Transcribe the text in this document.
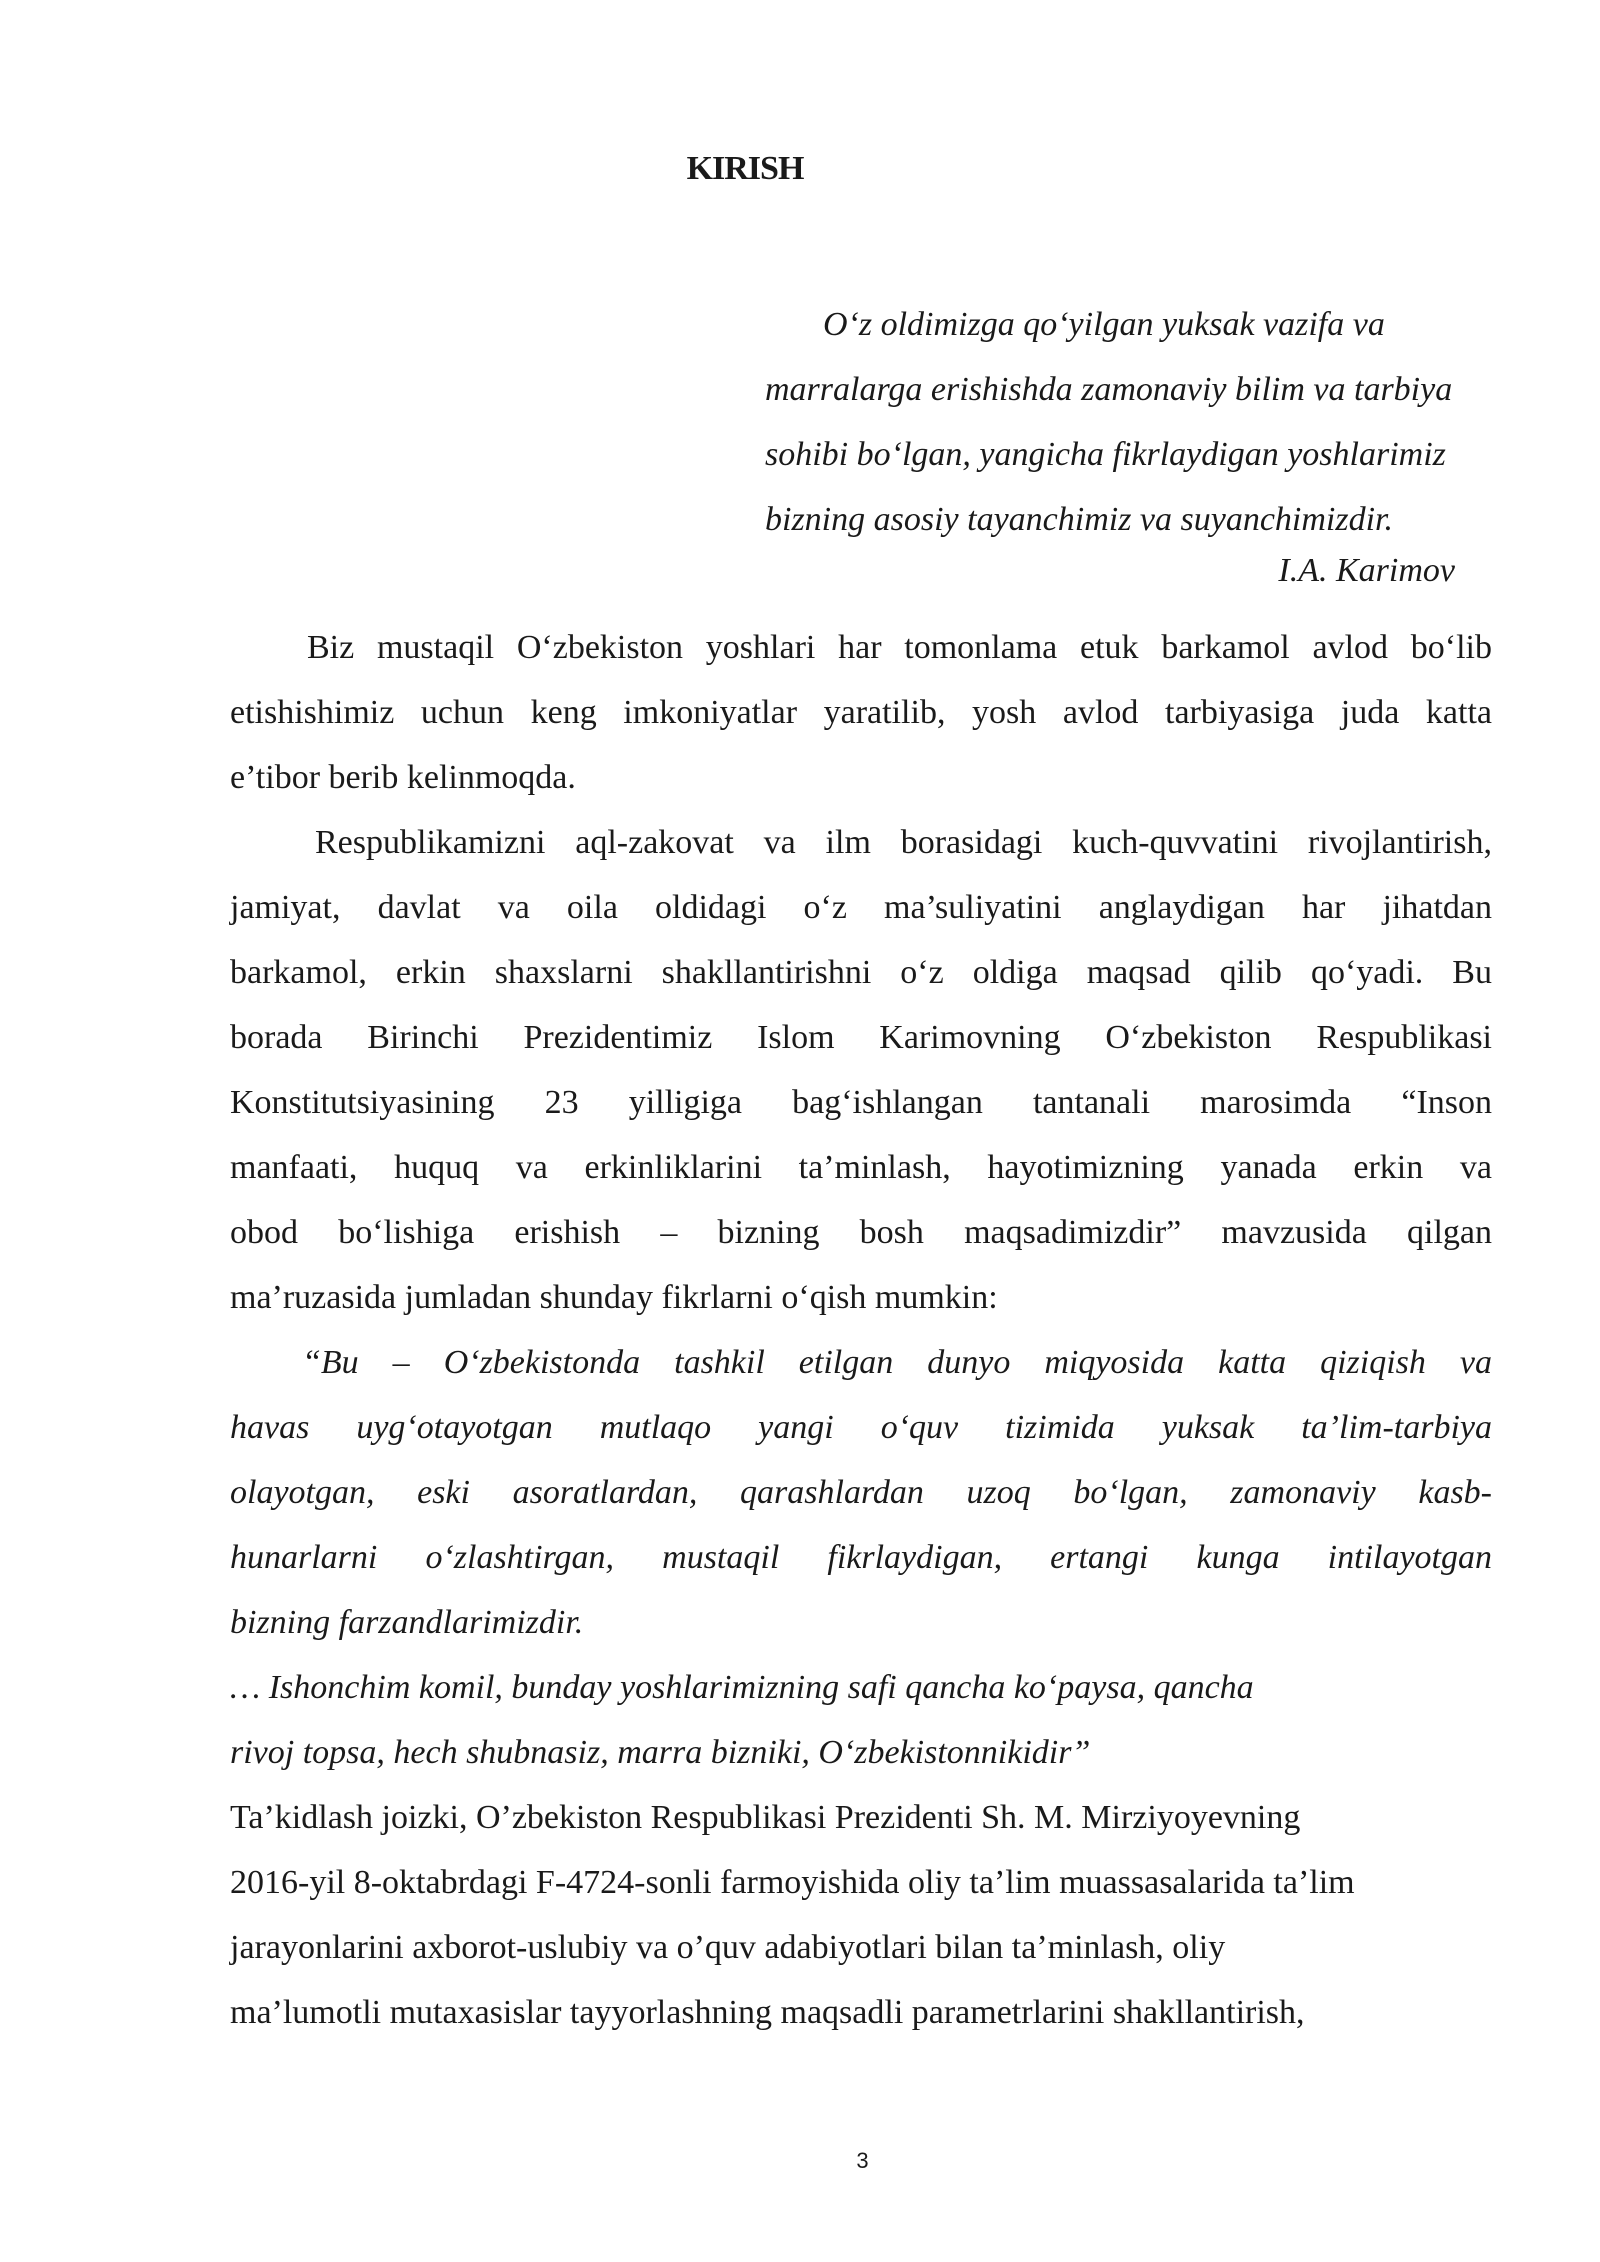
KIRISH
O‘z oldimizga qo‘yilgan yuksak vazifa va
marralarga erishishda zamonaviy bilim va tarbiya
sohibi bo‘lgan, yangicha fikrlaydigan yoshlarimiz
bizning asosiy tayanchimiz va suyanchimizdir.
I.A. Karimov
Biz mustaqil O‘zbekiston yoshlari har tomonlama etuk barkamol avlod bo‘lib
etishishimiz uchun keng imkoniyatlar yaratilib, yosh avlod tarbiyasiga juda katta
e’tibor berib kelinmoqda.
Respublikamizni aql-zakovat va ilm borasidagi kuch-quvvatini rivojlantirish,
jamiyat, davlat va oila oldidagi o‘z ma’suliyatini anglaydigan har jihatdan
barkamol, erkin shaxslarni shakllantirishni o‘z oldiga maqsad qilib qo‘yadi. Bu
borada Birinchi Prezidentimiz Islom Karimovning O‘zbekiston Respublikasi
Konstitutsiyasining 23 yilligiga bag‘ishlangan tantanali marosimda “Inson
manfaati, huquq va erkinliklarini ta’minlash, hayotimizning yanada erkin va
obod bo‘lishiga erishish – bizning bosh maqsadimizdir” mavzusida qilgan
ma’ruzasida jumladan shunday fikrlarni o‘qish mumkin:
“Bu – O‘zbekistonda tashkil etilgan dunyo miqyosida katta qiziqish va
havas uyg‘otayotgan mutlaqo yangi o‘quv tizimida yuksak ta’lim-tarbiya
olayotgan, eski asoratlardan, qarashlardan uzoq bo‘lgan, zamonaviy kasb-
hunarlarni o‘zlashtirgan, mustaqil fikrlaydigan, ertangi kunga intilayotgan
bizning farzandlarimizdir.
… Ishonchim komil, bunday yoshlarimizning safi qancha ko‘paysa, qancha
rivoj topsa, hech shubnasiz, marra bizniki, O‘zbekistonnikidir”
Ta’kidlash joizki, O’zbekiston Respublikasi Prezidenti Sh. M. Mirziyoyevning
2016-yil 8-oktabrdagi F-4724-sonli farmoyishida oliy ta’lim muassasalarida ta’lim
jarayonlarini axborot-uslubiy va o’quv adabiyotlari bilan ta’minlash, oliy
ma’lumotli mutaxasislar tayyorlashning maqsadli parametrlarini shakllantirish,
3
